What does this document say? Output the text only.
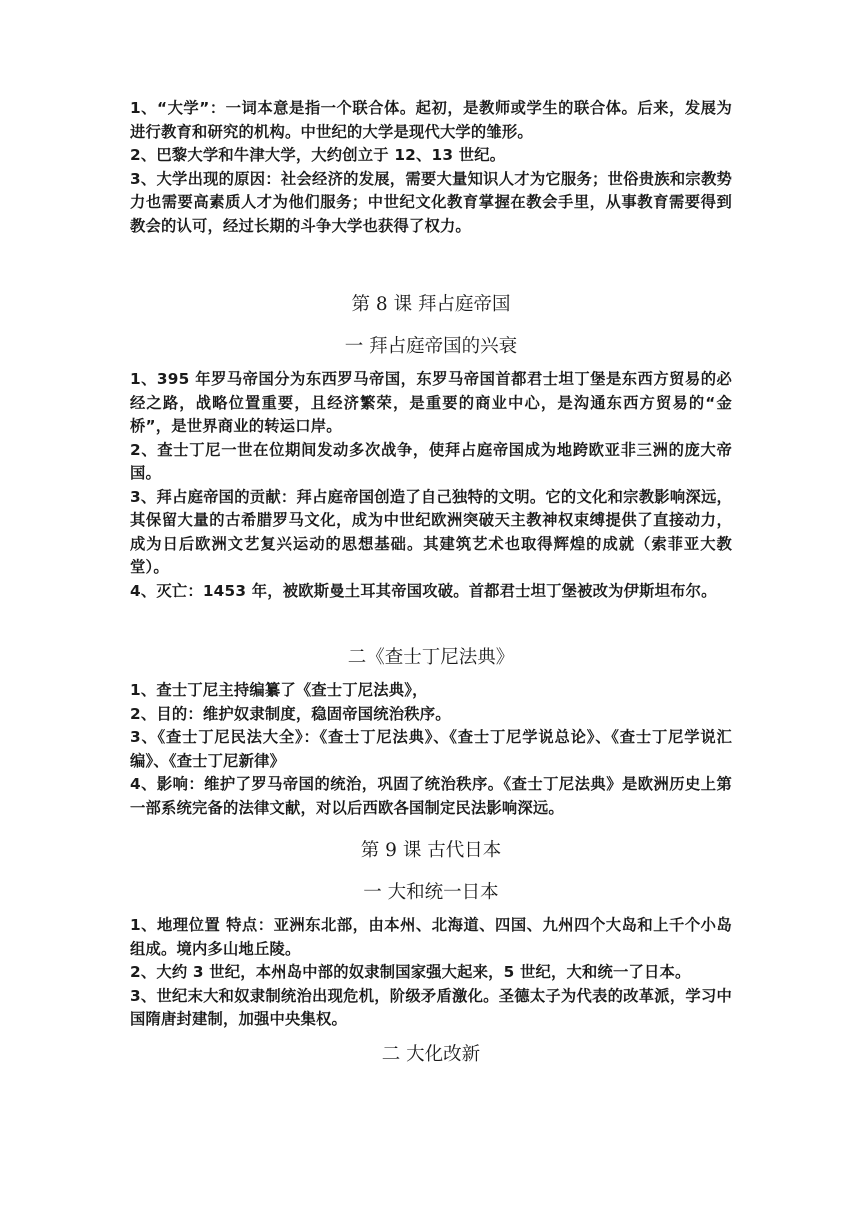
1、“大学”：一词本意是指一个联合体。起初，是教师或学生的联合体。后来，发展为进行教育和研究的机构。中世纪的大学是现代大学的雏形。

2、巴黎大学和牛津大学，大约创立于 12、13 世纪。

3、大学出现的原因：社会经济的发展，需要大量知识人才为它服务；世俗贵族和宗教势力也需要高素质人才为他们服务；中世纪文化教育掌握在教会手里，从事教育需要得到教会的认可，经过长期的斗争大学也获得了权力。

第 8 课 拜占庭帝国
一 拜占庭帝国的兴衰

1、395 年罗马帝国分为东西罗马帝国，东罗马帝国首都君士坦丁堡是东西方贸易的必经之路，战略位置重要，且经济繁荣，是重要的商业中心，是沟通东西方贸易的“金桥”，是世界商业的转运口岸。

2、查士丁尼一世在位期间发动多次战争，使拜占庭帝国成为地跨欧亚非三洲的庞大帝国。

3、拜占庭帝国的贡献：拜占庭帝国创造了自己独特的文明。它的文化和宗教影响深远，其保留大量的古希腊罗马文化，成为中世纪欧洲突破天主教神权束缚提供了直接动力，成为日后欧洲文艺复兴运动的思想基础。其建筑艺术也取得辉煌的成就（索菲亚大教堂）。

4、灭亡：1453 年，被欧斯曼土耳其帝国攻破。首都君士坦丁堡被改为伊斯坦布尔。

二《查士丁尼法典》

1、查士丁尼主持编纂了《查士丁尼法典》，

2、目的：维护奴隶制度，稳固帝国统治秩序。

3、《查士丁尼民法大全》：《查士丁尼法典》、《查士丁尼学说总论》、《查士丁尼学说汇编》、《查士丁尼新律》

4、影响：维护了罗马帝国的统治，巩固了统治秩序。《查士丁尼法典》是欧洲历史上第一部系统完备的法律文献，对以后西欧各国制定民法影响深远。

第 9 课 古代日本
一 大和统一日本

1、地理位置 特点：亚洲东北部，由本州、北海道、四国、九州四个大岛和上千个小岛组成。境内多山地丘陵。

2、大约 3 世纪，本州岛中部的奴隶制国家强大起来，5 世纪，大和统一了日本。

3、世纪末大和奴隶制统治出现危机，阶级矛盾激化。圣德太子为代表的改革派，学习中国隋唐封建制，加强中央集权。

二 大化改新
